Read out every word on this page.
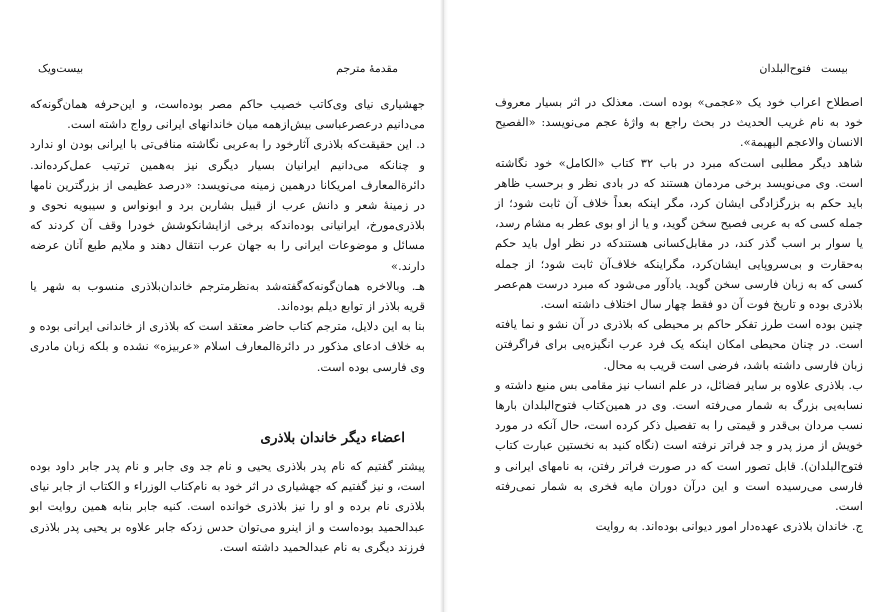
مقدمهٔ مترجم
بیست‌ویک

جهشیاری نیای وی‌کاتب خصیب حاکم مصر بوده‌است، و این‌حرفه همان‌گونه‌که می‌دانیم درعصرعباسی بیش‌ازهمه میان خاندانهای ایرانی رواج داشته است.

د. این حقیقت‌که بلاذری آثارخود را به‌عربی نگاشته منافی‌تی با ایرانی بودن او ندارد و چنانکه می‌دانیم ایرانیان بسیار دیگری نیز به‌همین ترتیب عمل‌کرده‌اند. دائرةالمعارف امریکانا درهمین زمینه می‌نویسد: «درصد عظیمی از بزرگترین نامها در زمینهٔ شعر و دانش عرب از قبیل بشاربن برد و ابونواس و سیبویه نحوی و بلاذری‌مورخ، ایرانیانی بوده‌اندکه برخی ازایشانکوشش خودرا وقف آن کردند که مسائل و موضوعات ایرانی را به جهان عرب انتقال دهند و ملایم طبع آنان عرضه دارند.»

هـ. وبالاخره همان‌گونه‌که‌گفته‌شد به‌نظرمترجم خاندان‌بلاذری منسوب به شهر یا قریه بلاذر از توابع دیلم بوده‌اند.

بنا به این دلایل، مترجم کتاب حاضر معتقد است که بلاذری از خاندانی ایرانی بوده و به خلاف ادعای مذکور در دائرةالمعارف اسلام «عربیزه» نشده و بلکه زبان مادری وی فارسی بوده است.

اعضاء دیگر خاندان بلاذری

پیشتر گفتیم که نام پدر بلاذری یحیی و نام جد وی جابر و نام پدر جابر داود بوده است، و نیز گفتیم که جهشیاری در اثر خود به نام‌کتاب الوزراء و الکتاب از جابر نیای بلاذری نام برده و او را نیز بلاذری خوانده است. کنیه جابر بنابه همین روایت ابو عبدالحمید بوده‌است و از اینرو می‌توان حدس زدکه جابر علاوه بر یحیی پدر بلاذری فرزند دیگری به نام عبدالحمید داشته است.

بیست
فتوح‌البلدان

اصطلاح اعراب خود یک «عجمی» بوده است. معذلک در اثر بسیار معروف خود به نام غریب الحدیث در بحث راجع به واژهٔ عجم می‌نویسد: «الفصیح الانسان والاعجم البهیمة».

شاهد دیگر مطلبی است‌که مبرد در باب ۳۲ کتاب «الکامل» خود نگاشته است. وی می‌نویسد برخی مردمان هستند که در بادی نظر و برحسب ظاهر باید حکم به بزرگزادگی ایشان کرد، مگر اینکه بعداً خلاف آن ثابت شود؛ از جمله کسی که به عربی فصیح سخن گوید، و یا از او بوی عطر به مشام رسد، یا سوار بر اسب گذر کند، در مقابل‌کسانی هستندکه در نظر اول باید حکم به‌حقارت و بی‌سروپایی ایشان‌کرد، مگراینکه خلاف‌آن ثابت شود؛ از جمله کسی که به زبان فارسی سخن گوید. یادآور می‌شود که مبرد درست هم‌عصر بلاذری بوده و تاریخ فوت آن دو فقط چهار سال اختلاف داشته است.

چنین بوده است طرز تفکر حاکم بر محیطی که بلاذری در آن نشو و نما یافته است. در چنان محیطی امکان اینکه یک فرد عرب انگیزه‌یی برای فراگرفتن زبان فارسی داشته باشد، فرضی است قریب به محال.

ب. بلاذری علاوه بر سایر فضائل، در علم انساب نیز مقامی بس منیع داشته و نسابه‌یی بزرگ به شمار می‌رفته است. وی در همین‌کتاب فتوح‌البلدان بارها نسب مردان بی‌قدر و قیمتی را به تفصیل ذکر کرده است، حال آنکه در مورد خویش از مرز پدر و جد فراتر نرفته است (نگاه کنید به نخستین عبارت کتاب فتوح‌البلدان). قابل تصور است که در صورت فراتر رفتن، به نامهای ایرانی و فارسی می‌رسیده است و این درآن دوران مایه فخری به شمار نمی‌رفته است.

ج. خاندان بلاذری عهده‌دار امور دیوانی بوده‌اند. به روایت
